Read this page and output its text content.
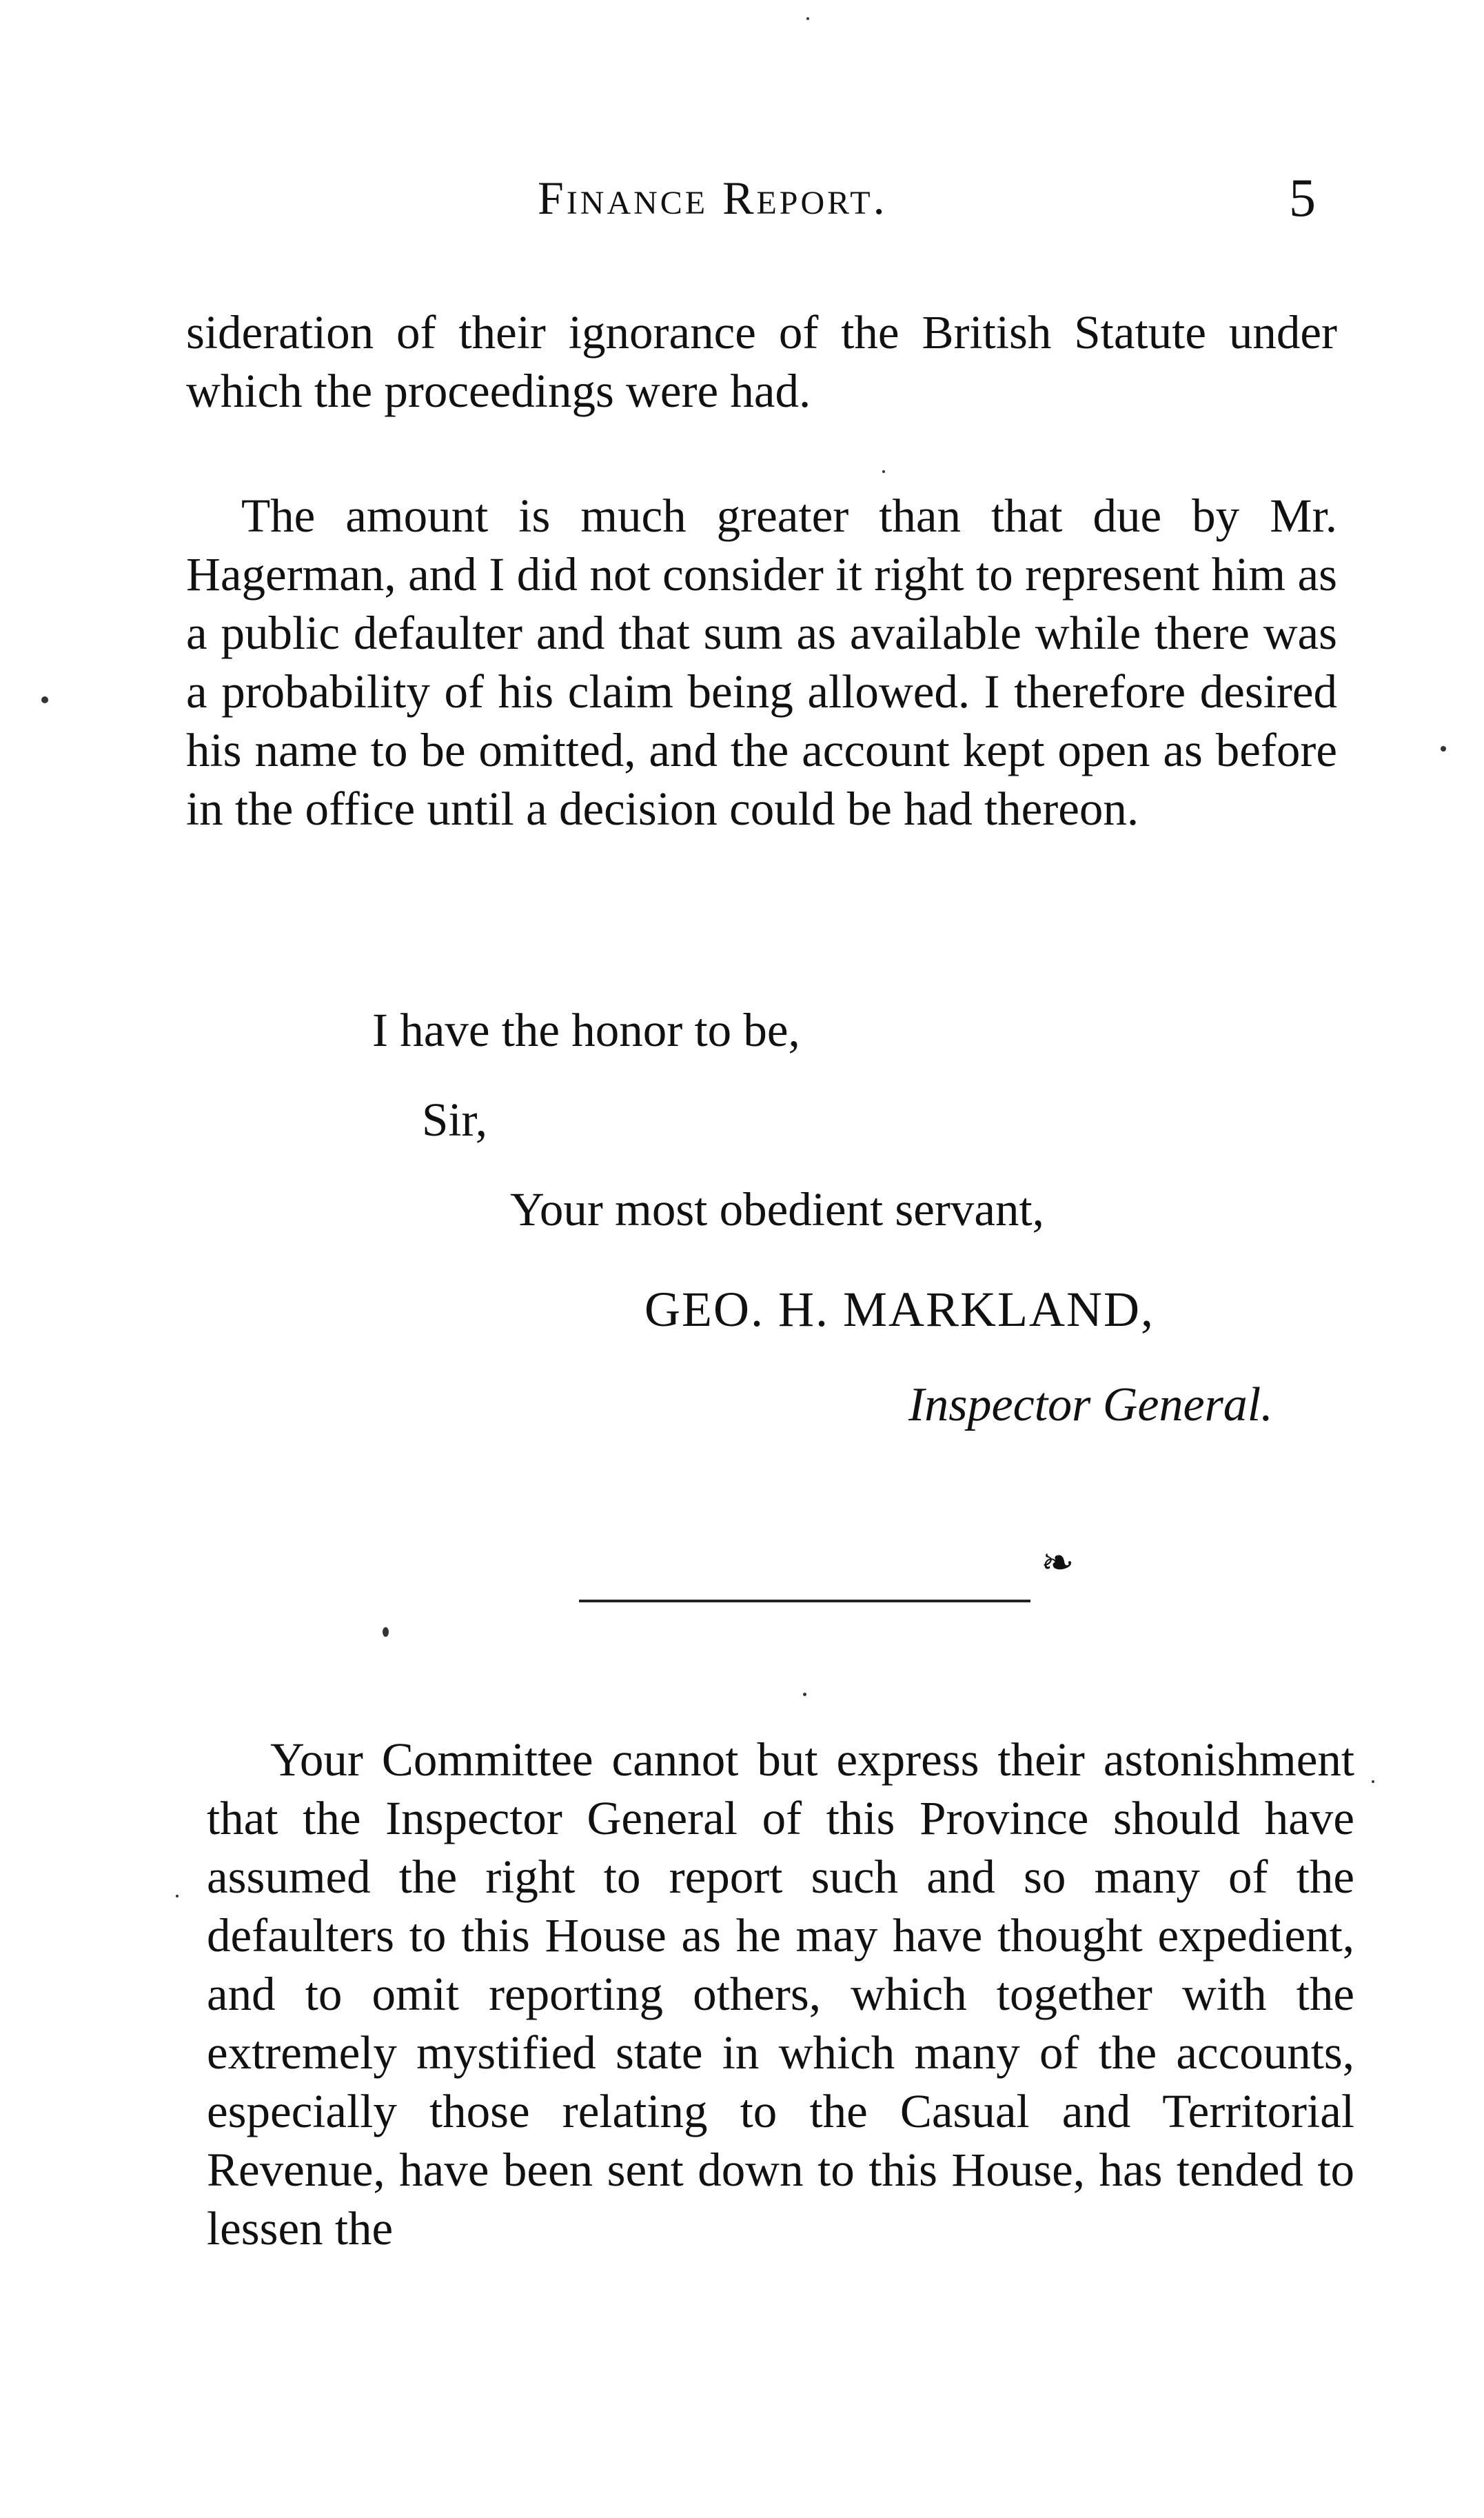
Finance Report.	5

sideration of their ignorance of the British Statute under which the proceedings were had.

The amount is much greater than that due by Mr. Hagerman, and I did not consider it right to represent him as a public defaulter and that sum as available while there was a probability of his claim being allowed. I therefore desired his name to be omitted, and the account kept open as before in the office until a decision could be had thereon.

I have the honor to be,
Sir,
Your most obedient servant,
GEO. H. MARKLAND,
Inspector General.
❧

Your Committee cannot but express their astonishment that the Inspector General of this Province should have assumed the right to report such and so many of the defaulters to this House as he may have thought expedient, and to omit reporting others, which together with the extremely mystified state in which many of the accounts, especially those relating to the Casual and Territorial Revenue, have been sent down to this House, has tended to lessen the
